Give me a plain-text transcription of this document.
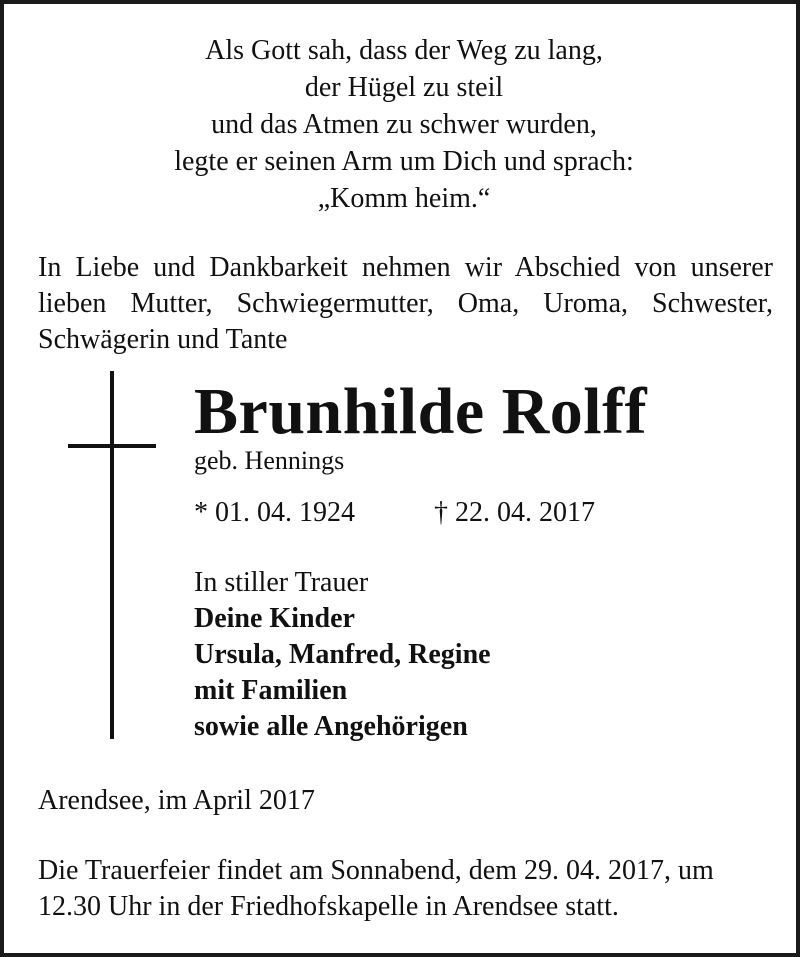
Als Gott sah, dass der Weg zu lang,
der Hügel zu steil
und das Atmen zu schwer wurden,
legte er seinen Arm um Dich und sprach:
„Komm heim.“
In Liebe und Dankbarkeit nehmen wir Abschied von unserer
lieben Mutter, Schwiegermutter, Oma, Uroma, Schwester,
Schwägerin und Tante
Brunhilde Rolff
geb. Hennings
* 01. 04. 1924	† 22. 04. 2017
In stiller Trauer
Deine Kinder
Ursula, Manfred, Regine
mit Familien
sowie alle Angehörigen
Arendsee, im April 2017
Die Trauerfeier findet am Sonnabend, dem 29. 04. 2017, um
12.30 Uhr in der Friedhofskapelle in Arendsee statt.
